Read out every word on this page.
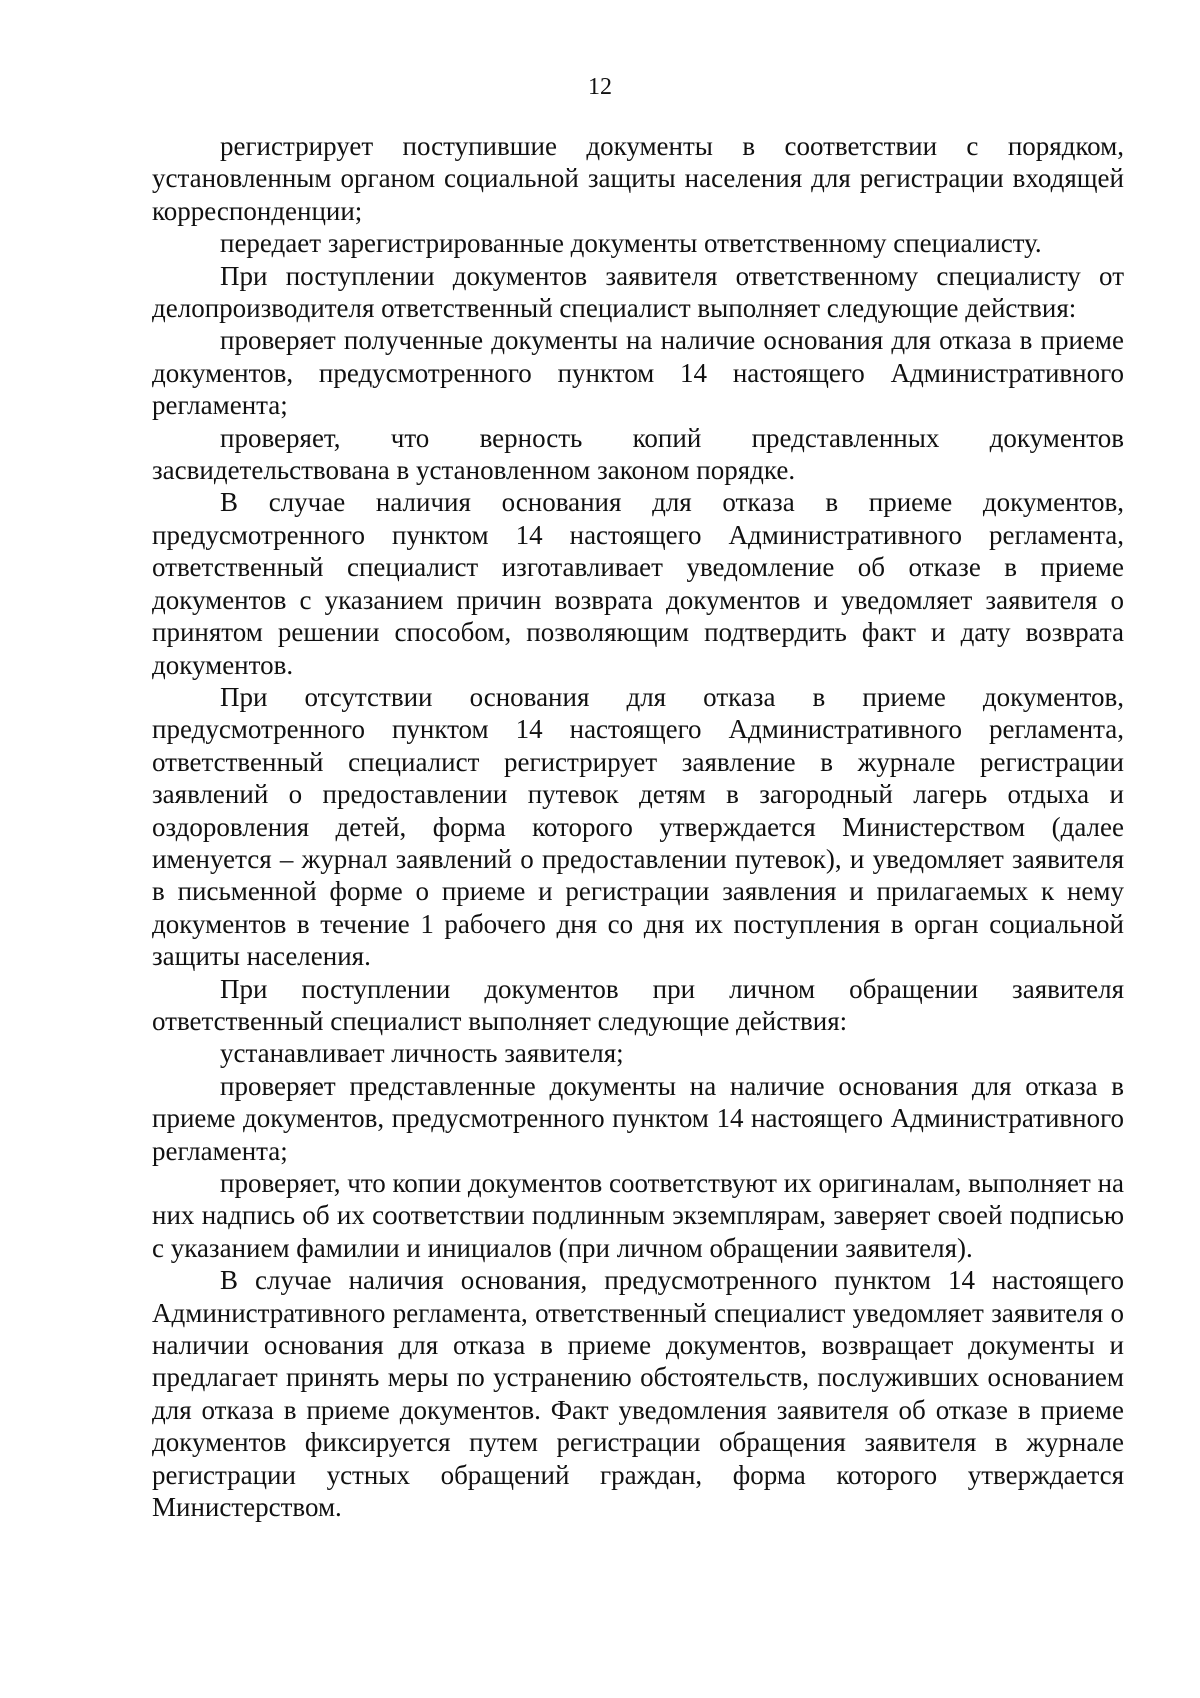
12

регистрирует поступившие документы в соответствии с порядком, установленным органом социальной защиты населения для регистрации входящей корреспонденции;

передает зарегистрированные документы ответственному специалисту.

При поступлении документов заявителя ответственному специалисту от делопроизводителя ответственный специалист выполняет следующие действия:

проверяет полученные документы на наличие основания для отказа в приеме документов, предусмотренного пунктом 14 настоящего Административного регламента;

проверяет, что верность копий представленных документов засвидетельствована в установленном законом порядке.

В случае наличия основания для отказа в приеме документов, предусмотренного пунктом 14 настоящего Административного регламента, ответственный специалист изготавливает уведомление об отказе в приеме документов с указанием причин возврата документов и уведомляет заявителя о принятом решении способом, позволяющим подтвердить факт и дату возврата документов.

При отсутствии основания для отказа в приеме документов, предусмотренного пунктом 14 настоящего Административного регламента, ответственный специалист регистрирует заявление в журнале регистрации заявлений о предоставлении путевок детям в загородный лагерь отдыха и оздоровления детей, форма которого утверждается Министерством (далее именуется – журнал заявлений о предоставлении путевок), и уведомляет заявителя в письменной форме о приеме и регистрации заявления и прилагаемых к нему документов в течение 1 рабочего дня со дня их поступления в орган социальной защиты населения.

При поступлении документов при личном обращении заявителя ответственный специалист выполняет следующие действия:

устанавливает личность заявителя;

проверяет представленные документы на наличие основания для отказа в приеме документов, предусмотренного пунктом 14 настоящего Административного регламента;

проверяет, что копии документов соответствуют их оригиналам, выполняет на них надпись об их соответствии подлинным экземплярам, заверяет своей подписью с указанием фамилии и инициалов (при личном обращении заявителя).

В случае наличия основания, предусмотренного пунктом 14 настоящего Административного регламента, ответственный специалист уведомляет заявителя о наличии основания для отказа в приеме документов, возвращает документы и предлагает принять меры по устранению обстоятельств, послуживших основанием для отказа в приеме документов. Факт уведомления заявителя об отказе в приеме документов фиксируется путем регистрации обращения заявителя в журнале регистрации устных обращений граждан, форма которого утверждается Министерством.
